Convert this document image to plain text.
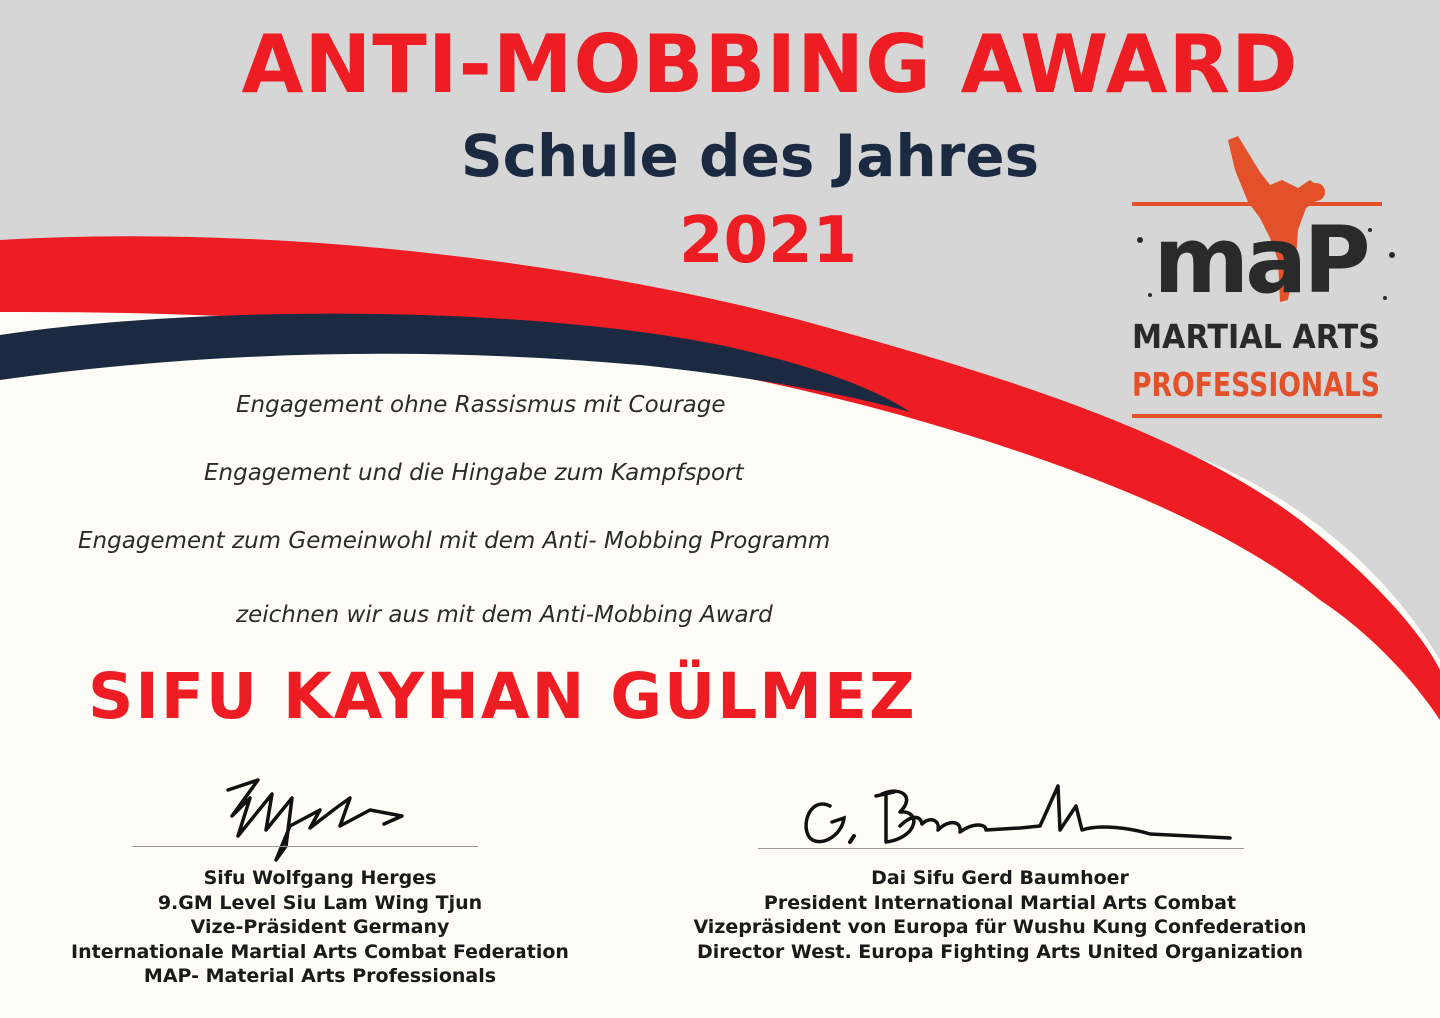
ANTI-MOBBING AWARD
Schule des Jahres
2021	maP
MARTIAL ARTS
PROFESSIONALS
Engagement ohne Rassismus mit Courage
Engagement und die Hingabe zum Kampfsport
Engagement zum Gemeinwohl mit dem Anti- Mobbing Programm
zeichnen wir aus mit dem Anti-Mobbing Award
SIFU KAYHAN GÜLMEZ
Sifu Wolfgang Herges
9.GM Level Siu Lam Wing Tjun
Vize-Präsident Germany
Internationale Martial Arts Combat Federation
MAP- Material Arts Professionals
Dai Sifu Gerd Baumhoer
President International Martial Arts Combat
Vizepräsident von Europa für Wushu Kung Confederation
Director West. Europa Fighting Arts United Organization
